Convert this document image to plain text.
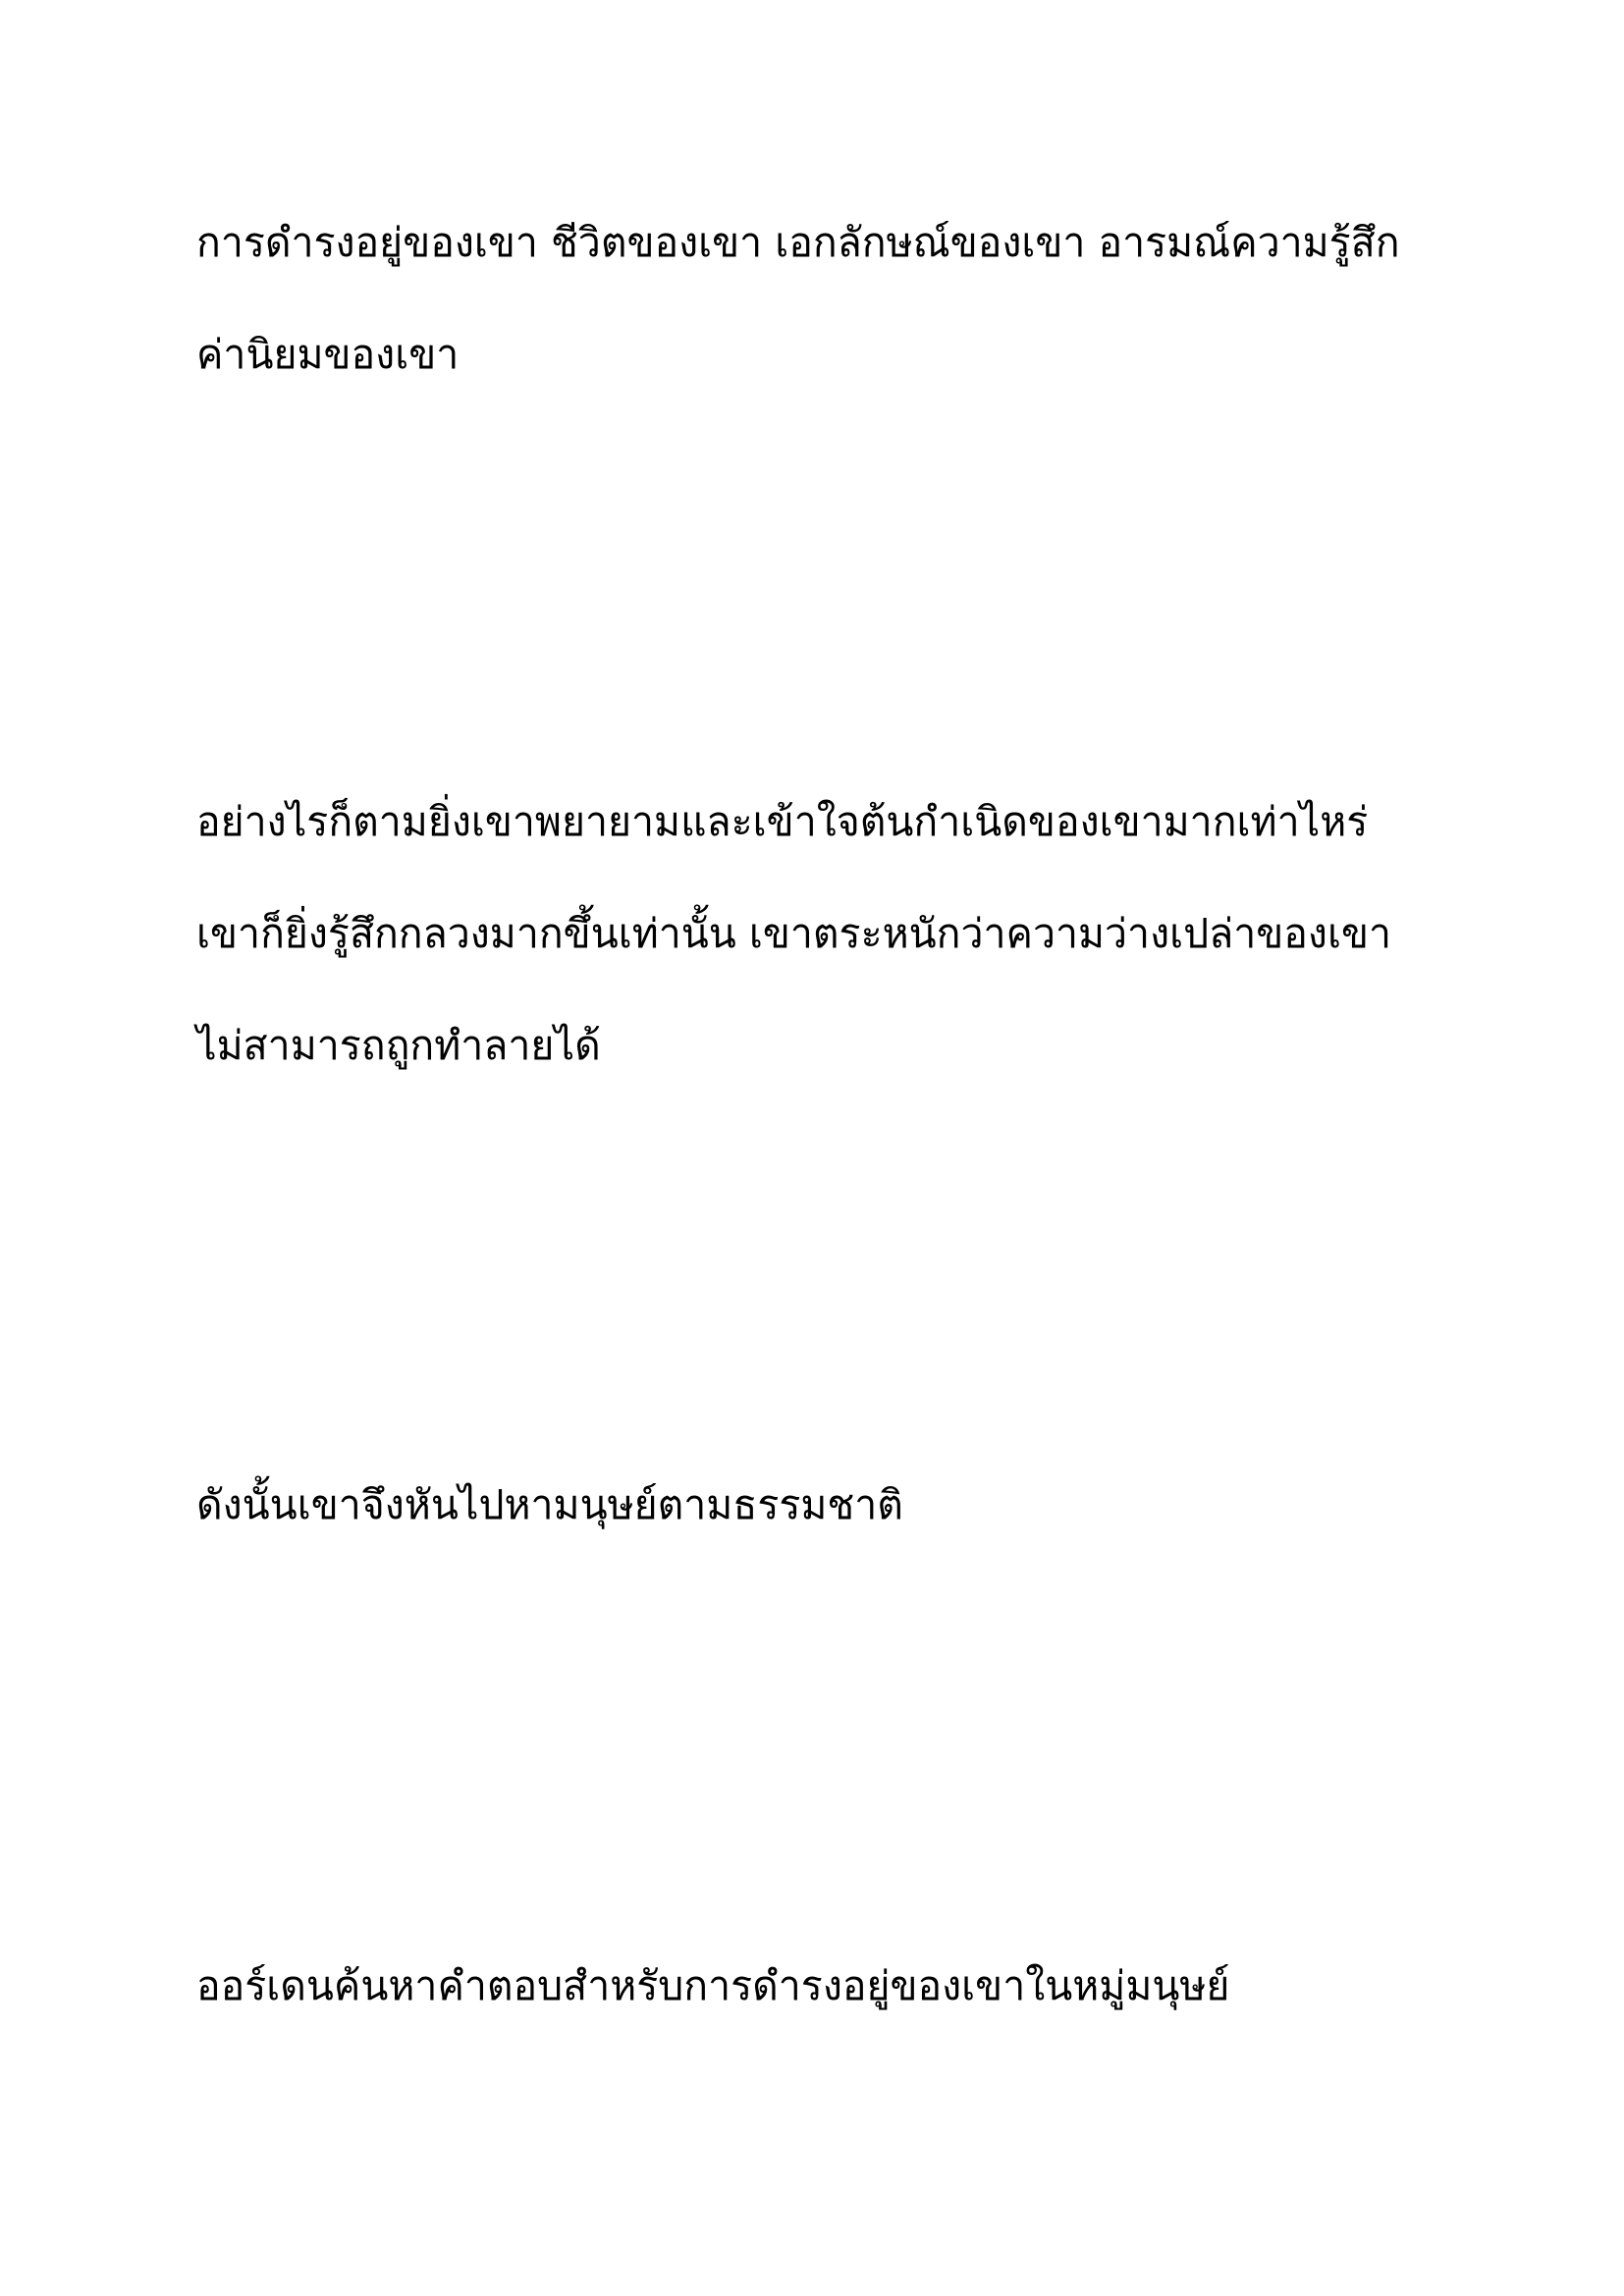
การดำรงอยู่ของเขา ชีวิตของเขา เอกลักษณ์ของเขา อารมณ์ความรู้สึก
ค่านิยมของเขา

อย่างไรก็ตามยิ่งเขาพยายามและเข้าใจต้นกำเนิดของเขามากเท่าไหร่
เขาก็ยิ่งรู้สึกกลวงมากขึ้นเท่านั้น เขาตระหนักว่าความว่างเปล่าของเขา
ไม่สามารถถูกทำลายได้

ดังนั้นเขาจึงหันไปหามนุษย์ตามธรรมชาติ

ออร์เดนค้นหาคำตอบสำหรับการดำรงอยู่ของเขาในหมู่มนุษย์
